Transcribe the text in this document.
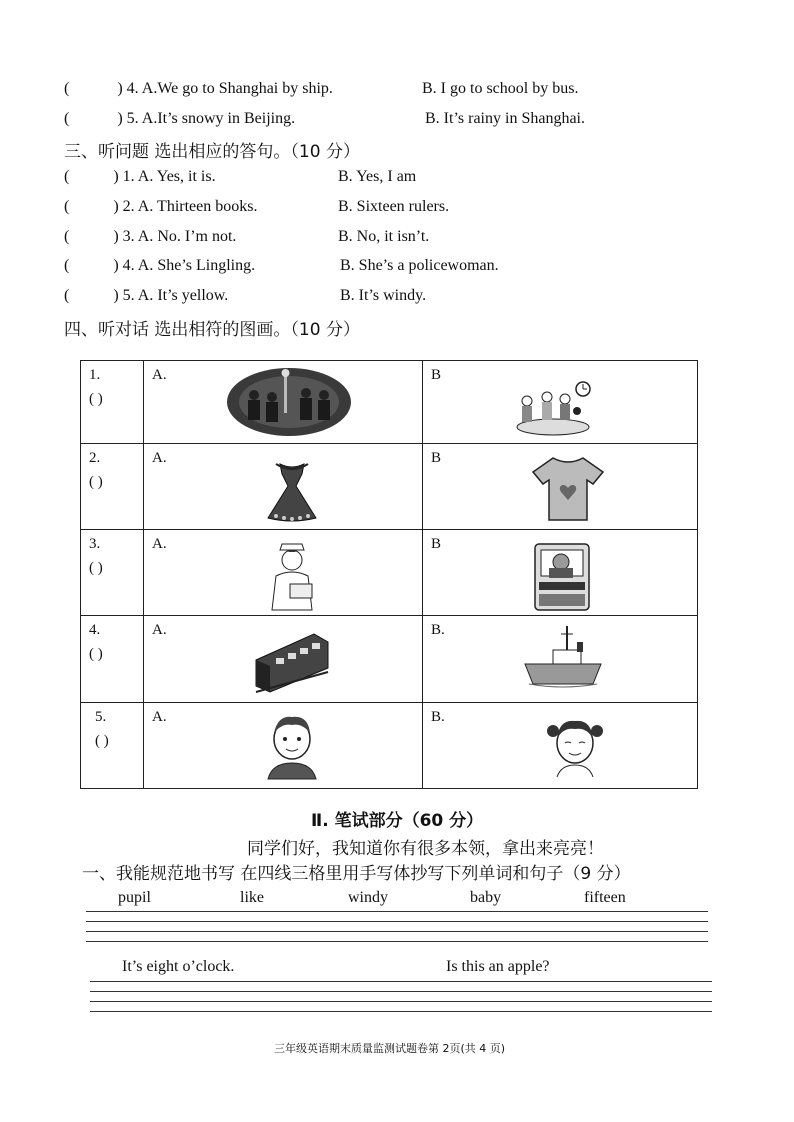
(	) 4. A.We go to Shanghai by ship.	B. I go to school by bus.
(	) 5. A.It’s snowy in Beijing.	B. It’s rainy in Shanghai.
三、听问题 选出相应的答句。（10 分）
(	) 1. A. Yes, it is.	B. Yes, I am
(	) 2. A. Thirteen books.	B. Sixteen rulers.
(	) 3. A. No. I’m not.	B. No, it isn’t.
(	) 4. A. She’s Lingling.	B. She’s a policewoman.
(	) 5. A. It’s yellow.	B. It’s windy.
四、听对话 选出相符的图画。（10 分）
1.
( )	A.	B

2.
( )	A.	B

3.
( )	A.	B

4.
( )	A.	B.

5.
( )	A.	B.
Ⅱ. 笔试部分（60 分）
同学们好，我知道你有很多本领，拿出来亮亮！
一、我能规范地书写 在四线三格里用手写体抄写下列单词和句子（9 分）
pupil	like	windy	baby	fifteen
It’s eight o’clock.	Is this an apple?
三年级英语期末质量监测试题卷第 2页(共 4 页)
